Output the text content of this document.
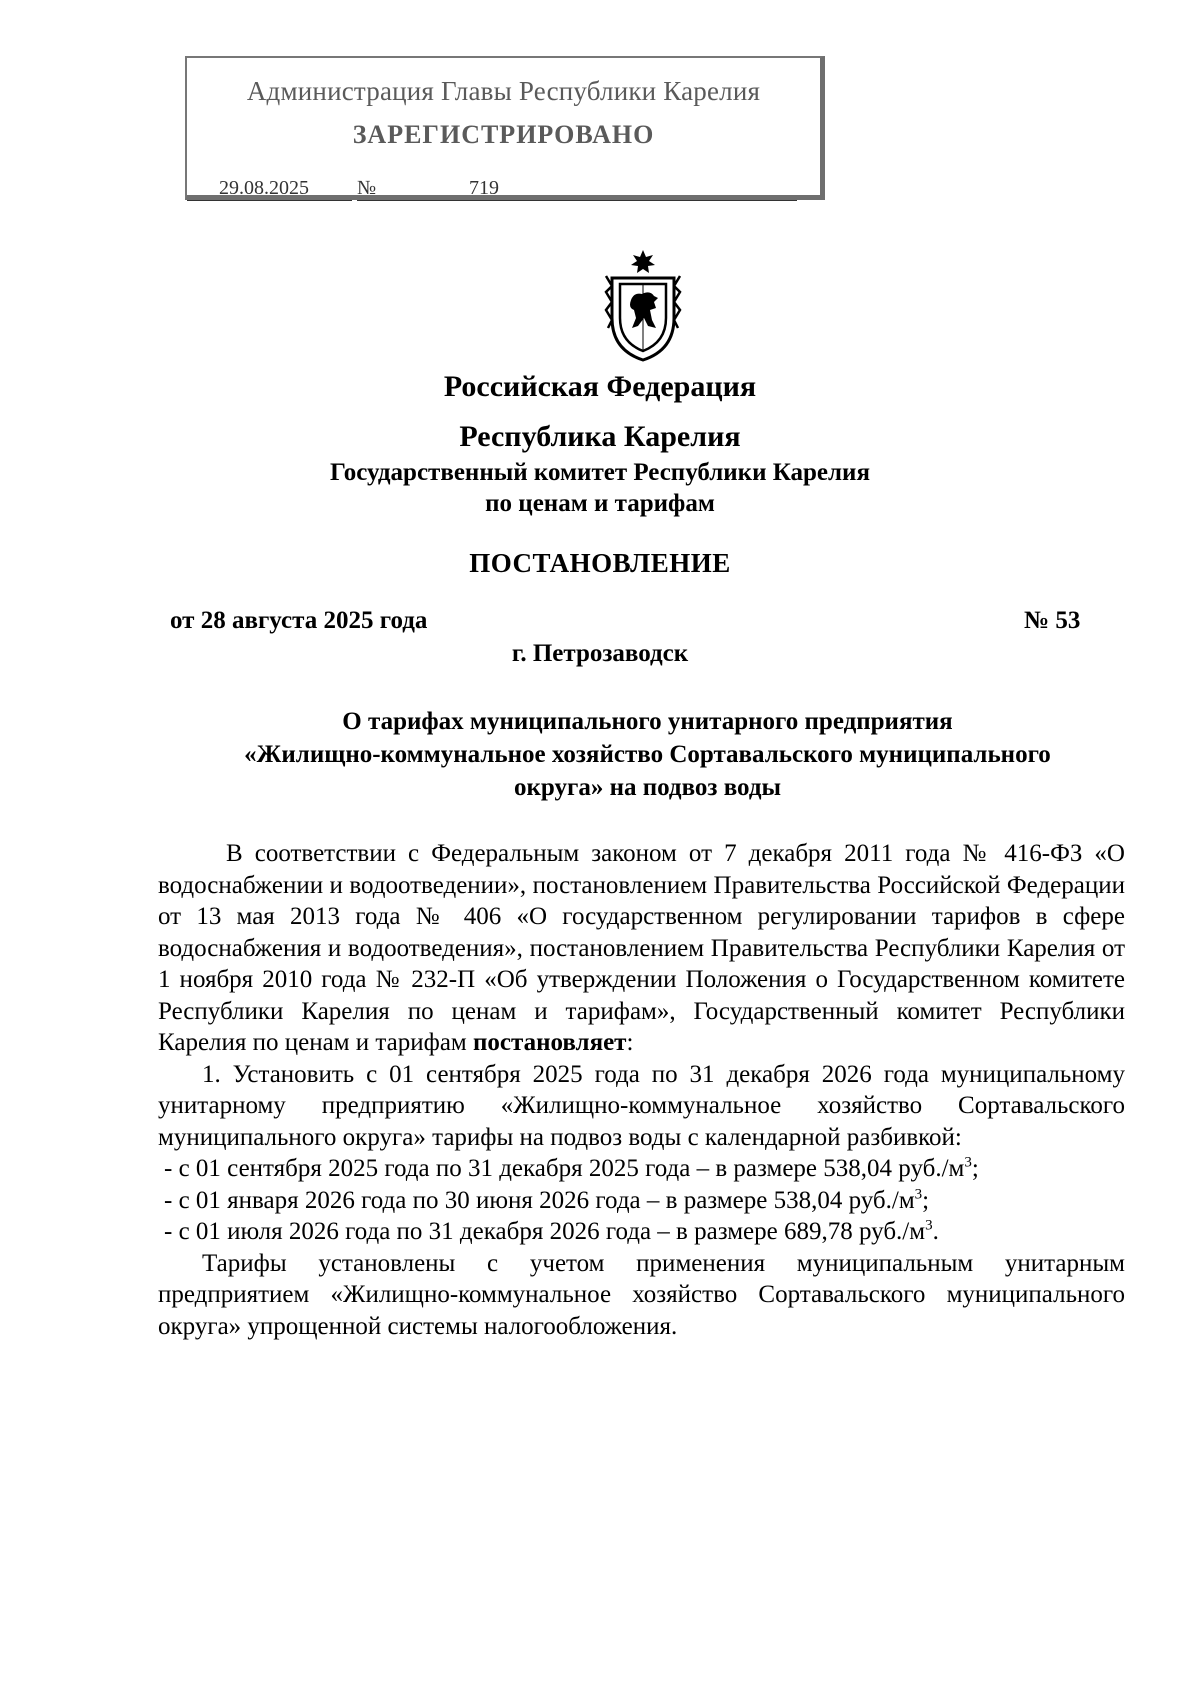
Администрация Главы Республики Карелия
ЗАРЕГИСТРИРОВАНО
29.08.2025	№	719
Российская Федерация
Республика Карелия
Государственный комитет Республики Карелия
по ценам и тарифам
ПОСТАНОВЛЕНИЕ
от 28 августа 2025 года	№ 53
г. Петрозаводск
О тарифах муниципального унитарного предприятия
«Жилищно-коммунальное хозяйство Сортавальского муниципального
округа» на подвоз воды

В соответствии с Федеральным законом от 7 декабря 2011 года № 416-ФЗ «О водоснабжении и водоотведении», постановлением Правительства Российской Федерации от 13 мая 2013 года № 406 «О государственном регулировании тарифов в сфере водоснабжения и водоотведения», постановлением Правительства Республики Карелия от 1 ноября 2010 года № 232-П «Об утверждении Положения о Государственном комитете Республики Карелия по ценам и тарифам», Государственный комитет Республики Карелия по ценам и тарифам постановляет:

1. Установить с 01 сентября 2025 года по 31 декабря 2026 года муниципальному унитарному предприятию «Жилищно-коммунальное хозяйство Сортавальского муниципального округа» тарифы на подвоз воды с календарной разбивкой:

- с 01 сентября 2025 года по 31 декабря 2025 года – в размере 538,04 $руб./м^3$;

- с 01 января 2026 года по 30 июня 2026 года – в размере 538,04 $руб./м^3$;

- с 01 июля 2026 года по 31 декабря 2026 года – в размере 689,78 $руб./м^3$.

Тарифы установлены с учетом применения муниципальным унитарным предприятием «Жилищно-коммунальное хозяйство Сортавальского муниципального округа» упрощенной системы налогообложения.
